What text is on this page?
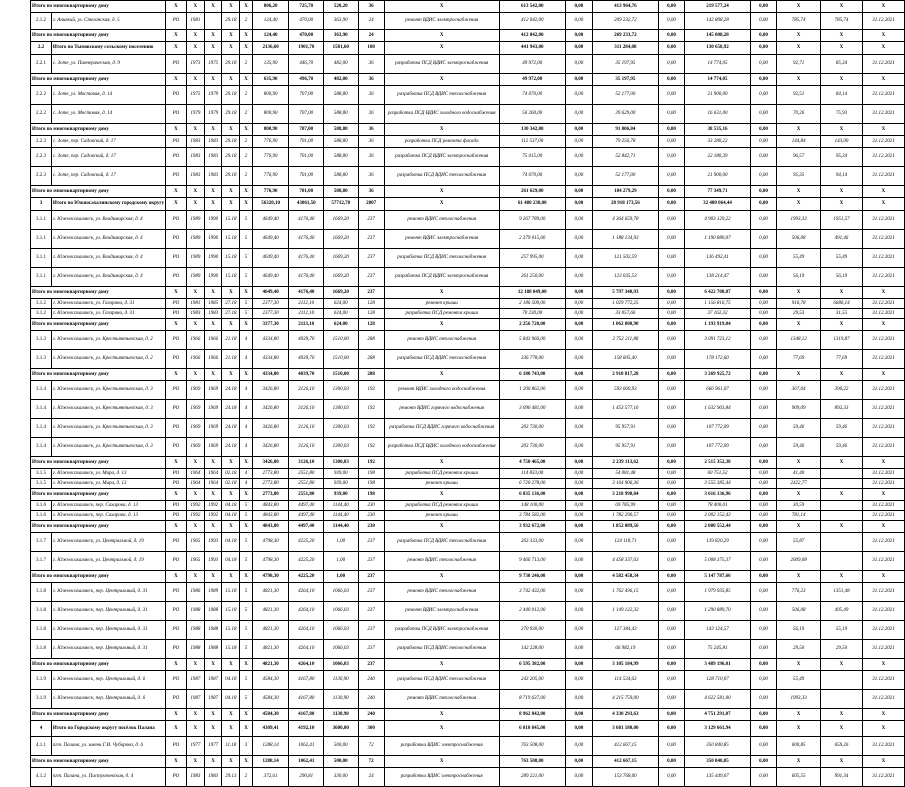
Итого по многоквартирному дому		X	X	X	X	X	806,20	725,70	520,20	36	X	613 542,00	0,00	413 964,76	0,00	219 577,24	0,00	X	X	X
2.1.2	г. Анивкий, ул. Стеганская, д. 5	РО	1981		29.18	2	124,40	470,00	363,90	24	ремонт ВДИС электроснабжения	412 042,00	0,00	209 232,72	0,00	142 808,28	0,00	785,74	785,74	31.12.2021
Итого по многоквартирному дому		X	X	X	X	X	124,40	470,00	363,90	24	X	412 042,00	0,00	269 233,72	0,00	145 808,28	0,00	X	X	X
2.2	Итого по Тымовскому сельскому поселению	X	X	X	X	X	2136,60	1901,70	1581,60	108	X	441 943,00	0,00	311 284,08	0,00	130 658,92	0,00	X	X	X
2.2.1	с. Зоте, ул. Пионерическая, д. 9	РО	1973	1975	29.18	2	135,90	446,70	482,00	36	разработка ПСД ВДИС электроснабжения	49 972,00	0,00	35 197,95	0,00	14 774,05	0,00	92,71	85,34	31.12.2021
Итого по многоквартирному дому		X	X	X	X	X	635,90	496,70	482,00	36	X	49 972,00	0,00	35 197,95	0,00	14 774,05	0,00	X	X	X
2.2.2	с. Зоте, ул. Мостовая, д. 14	РО	1975	1979	29.18	2	800,90	707,00	588,80	36	разработка ПСД ВДИС теплоснабжения	74 070,00	0,00	52 177,00	0,00	21 900,00	0,00	92,51	84,14	31.12.2021
2.2.2	с. Зоте, ул. Мостовая, д. 14	РО	1979	1979	29.18	2	800,90	707,00	588,80	36	разработка ПСД ВДИС холодного водоснабжения	56 260,00	0,00	39 629,00	0,00	16 631,00	0,00	70,26	75,93	31.12.2021
Итого по многоквартирному дому		X	X	X	X	X	800,90	707,00	588,80	36	X	130 342,00	0,00	91 806,84	0,00	38 535,16	0,00	X	X	X
2.2.3	с. Зоте, пер. Садовский, д. 17	РО	1983	1983	29.18	2	776,90	701,00	588,80	36	разработка ПСД ремонта фасада	112 537,00	0,00	79 256,78	0,00	33 280,22	0,00	144,84	143,00	31.12.2021
2.2.3	с. Зоте, пер. Садовский, д. 17	РО	1983	1983	29.18	2	776,90	701,00	588,80	36	разработка ПСД ВДИС электроснабжения	75 015,00	0,00	52 842,71	0,00	22 180,39	0,00	96,57	95,34	31.12.2021
2.2.3	с. Зоте, пер. Садовский, д. 17	РО	1983	1983	29.18	2	776,90	701,00	588,80	36	разработка ПСД ВДИС теплоснабжения	74 070,00	0,00	52 177,00	0,00	21 900,00	0,00	95,35	94,14	31.12.2021
Итого по многоквартирному дому		X	X	X	X	X	776,90	701,00	588,80	36	X	261 629,00	0,00	184 279,29	0,00	77 349,71	0,00	X	X	X
3	Итого по Южносахалинскому городскому округу	X	X	X	X	X	56320,10	43061,50	57712,70	2807	X	61 480 238,00	0,00	28 918 173,56	0,00	32 480 064,44	0,00	X	X	X
3.1.1	г. Южносахалинск, ул. Владимирская, д. 4	РО	1989	1990	15.18	5	4649,40	4176,40	1669,20	237	ремонт ВДИС теплоснабжения	9 267 789,00	0,00	4 364 659,78	0,00	4 903 129,22	0,00	1993,33	1951,57	31.12.2021
3.1.1	г. Южносахалинск, ул. Владимирская, д. 4	РО	1989	1990	15.18	5	4649,40	4176,40	1669,20	237	ремонт ВДИС электроснабжения	2 379 015,00	0,00	1 188 134,93	0,00	1 190 880,07	0,00	506,08	491,46	31.12.2021
3.1.1	г. Южносахалинск, ул. Владимирская, д. 4	РО	1989	1990	15.18	5	4649,40	4176,40	1669,20	237	разработка ПСД ВДИС теплоснабжения	257 995,00	0,00	121 502,59	0,00	136 492,41	0,00	55,49	55,49	31.12.2021
3.1.1	г. Южносахалинск, ул. Владимирская, д. 4	РО	1989	1990	15.18	5	4649,40	4176,40	1669,20	237	разработка ПСД ВДИС электроснабжения	261 250,00	0,00	123 035,53	0,00	138 214,47	0,00	56,19	56,19	31.12.2021
Итого по многоквартирному дому		X	X	X	X	X	4649,40	4176,40	1669,20	237	X	12 188 049,00	0,00	5 797 340,93	0,00	6 422 708,07	0,00	X	X	X
3.1.2	г. Южносахалинск, ул. Гагарина, д. 31	РО	1981	1985	27.18	5	2377,30	2112,10	624,00	128	ремонт крыши	2 186 500,00	0,00	1 029 772,25	0,00	1 156 816,75	0,00	916,78	6686,14	31.12.2021
3.1.2	г. Южносахалинск, ул. Гагарина, д. 31	РО	1983	1983	27.18	5	2377,30	2112,10	624,00	128	разработка ПСД ремонта крыши	70 230,00	0,00	33 057,66	0,00	37 162,32	0,00	29,53	31,55	31.12.2021
Итого по многоквартирному дому		X	X	X	X	X	3377,30	2113,10	624,00	128	X	2 256 720,00	0,00	1 062 800,90	0,00	1 193 919,04	0,00	X	X	X
3.1.3	г. Южносахалинск, ул. Крестьянтьевская, д. 2	РО	1966	1966	21.18	4	4334,80	4039,70	1510,00	288	ремонт ВДИС теплоснабжения	5 843 966,00	0,00	2 752 211,88	0,00	3 091 723,12	0,00	1348,12	1319,87	31.12.2021
3.1.3	г. Южносахалинск, ул. Крестьянтьевская, д. 2	РО	1966	1966	21.18	4	4334,80	4039,70	1510,00	288	разработка ПСД ВДИС теплоснабжения	336 778,00	0,00	158 605,40	0,00	178 172,60	0,00	77,69	77,69	31.12.2021
Итого по многоквартирному дому		X	X	X	X	X	4334,80	4039,70	1510,00	288	X	6 180 743,00	0,00	2 910 817,28	0,00	3 269 925,72	0,00	X	X	X
3.1.4	г. Южносахалинск, ул. Крестьянтьевская, д. 3	РО	1969	1969	24.18	4	3426,80	3126,10	1300,03	192	ремонт ВДИС холодного водоснабжения	1 200 862,00	0,00	593 060,93	0,00	666 961,07	0,00	367,04	390,22	31.12.2021
3.1.4	г. Южносахалинск, ул. Крестьянтьевская, д. 3	РО	1969	1969	24.18	4	3426,80	3126,10	1300,03	192	ремонт ВДИС горячего водоснабжения	3 090 481,00	0,00	1 453 577,16	0,00	1 632 903,84	0,00	909,09	892,33	31.12.2021
3.1.4	г. Южносахалинск, ул. Крестьянтьевская, д. 3	РО	1969	1969	24.18	4	3426,80	3126,10	1300,03	192	разработка ПСД ВДИС горячего водоснабжения	203 730,00	0,00	95 957,91	0,00	107 772,09	0,00	59,46	59,46	31.12.2021
3.1.4	г. Южносахалинск, ул. Крестьянтьевская, д. 3	РО	1969	1969	24.18	4	3426,80	3126,10	1300,03	192	разработка ПСД ВДИС холодного водоснабжения	203 730,00	0,00	95 957,91	0,00	107 772,09	0,00	59,46	59,46	31.12.2021
Итого по многоквартирному дому		X	X	X	X	X	3426,80	3126,10	1300,03	192	X	4 750 465,00	0,00	2 239 113,62	0,00	2 515 352,38	0,00	X	X	X
3.1.5	г. Южносахалинск, ул. Мира, д. 13	РО	1964	1964	02.18	4	2773,80	2551,80	939,00	198	разработка ПСД ремонта крыши	114 833,00	0,00	54 081,48	0,00	60 751,52	0,00	41,40		31.12.2021
3.1.5	г. Южносахалинск, ул. Мира, д. 13	РО	1964	1964	02.18	4	2773,80	2551,80	939,00	198	ремонт крыши	6 720 278,00	0,00	3 164 906,36	0,00	3 555 385,44	0,00	2422,77		31.12.2021
Итого по многоквартирному дому		X	X	X	X	X	2773,80	2551,80	939,00	198	X	6 835 136,00	0,00	3 218 990,04	0,00	3 616 136,96	0,00	X	X	X
3.1.6	г. Южносахалинск, пер. Сахарова, д. 13	РО	1992	1992	04.18	5	4843,80	4497,40	1144,40	230	разработка ПСД ремонта крыши	148 100,00	0,00	69 785,99	0,00	78 400,01	0,00	30,59		31.12.2021
3.1.6	г. Южносахалинск, пер. Сахарова, д. 13	РО	1992	1992	04.18	5	4843,80	4497,40	1144,40	230	ремонт крыши	3 784 582,00	0,00	1 782 290,57	0,00	2 002 152,43	0,00	781,14		31.12.2021
Итого по многоквартирному дому		X	X	X	X	X	4843,80	4497,40	1144,40	230	X	3 932 672,00	0,00	1 852 089,56	0,00	2 080 552,44	0,00	X	X	X
3.1.7	г. Южносахалинск, ул. Центральной, д. 19	РО	1965	1993	04.18	5	4798,30	4225,20	1,00	237	разработка ПСД ВДИС теплоснабжения	263 333,00	0,00	124 118,71	0,00	139 820,29	0,00	55,87		31.12.2021
3.1.7	г. Южносахалинск, ул. Центральной, д. 19	РО	1965	1993	04.18	5	4798,30	4225,20	1,00	237	ремонт ВДИС теплоснабжения	9 466 713,00	0,00	4 458 337,63	0,00	5 008 375,37	0,00	2009,08		31.12.2021
Итого по многоквартирному дому		X	X	X	X	X	4798,30	4225,20	1,00	237	X	9 730 246,00	0,00	4 582 458,34	0,00	5 147 787,66	0,00	X	X	X
3.1.8	г. Южносахалинск, пер. Центральный, д. 31	РО	1986	1989	15.18	5	4821,30	4264,10	1066,03	237	ремонт ВДИС теплоснабжения	3 742 432,00	0,00	1 762 496,15	0,00	1 979 935,85	0,00	776,23	1351,48	31.12.2021
3.1.8	г. Южносахалинск, пер. Центральный, д. 31	РО	1988	1988	15.18	5	4821,30	4264,10	1066,03	237	ремонт ВДИС электроснабжения	2 440 012,00	0,00	1 149 122,32	0,00	1 290 889,70	0,00	506,08	495,49	31.12.2021
3.1.8	г. Южносахалинск, пер. Центральный, д. 31	РО	1988	1988	15.18	5	4821,30	4264,10	1066,03	237	разработка ПСД ВДИС электроснабжения	270 930,00	0,00	127 384,43	0,00	143 124,57	0,00	56,19	55,19	31.12.2021
3.1.8	г. Южносахалинск, пер. Центральный, д. 31	РО	1988	1988	15.18	5	4821,30	4264,10	1066,03	237	разработка ПСД ВДИС теплоснабжения	142 228,00	0,00	66 982,19	0,00	75 245,81	0,00	29,50	29,50	31.12.2021
Итого по многоквартирному дому		X	X	X	X	X	4821,30	4264,10	1066,03	237	X	6 595 382,00	0,00	3 105 184,99	0,00	3 489 196,01	0,00	X	X	X
3.1.9	г. Южносахалинск, пер. Центральный, д. 6	РО	1987	1987	04.18	5	4584,30	4167,80	1130,90	240	разработка ПСД ВДИС теплоснабжения	243 205,00	0,00	114 534,63	0,00	128 710,07	0,00	55,49		31.12.2021
3.1.9	г. Южносахалинск, пер. Центральный, д. 6	РО	1987	1987	04.18	5	4584,30	4167,80	1130,90	240	ремонт ВДИС теплоснабжения	8 719 637,00	0,00	4 215 759,00	0,00	4 622 581,00	0,00	1993,33		31.12.2021
Итого по многоквартирному дому		X	X	X	X	X	4584,30	4167,80	1130,90	240	X	8 962 842,00	0,00	4 330 293,63	0,00	4 751 291,07	0,00	X	X	X
4	Итого по Городскому округу посёлок Палана	X	X	X	X	X	4309,41	4192,10	3600,00	300	X	6 810 845,00	0,00	3 681 180,00	0,00	3 129 661,94	0,00	X	X	X
4.1.1	пгт. Палана, ул. имени Г.И. Чубарова, д. 6	РО	1977	1977	11.18	3	1288,14	1062,41	500,00	72	разработка ВДИС электроснабжения	763 508,00	0,00	412 667,15	0,00	350 840,85	0,00	600,85	659,26	31.12.2021
Итого по многоквартирному дому		X	X	X	X	X	1288,14	1062,41	500,00	72	X	763 508,00	0,00	412 667,15	0,00	350 840,85	0,00	X	X	X
4.1.2	пгт. Палана, ул. Пастухочевская, д. 4	РО	1983	1983	29.13	2	372,61	290,81	330,00	24	разработка ВДИС электроснабжения	289 221,00	0,00	153 768,00	0,00	135 449,07	0,00	605,55	991,34	31.12.2021
